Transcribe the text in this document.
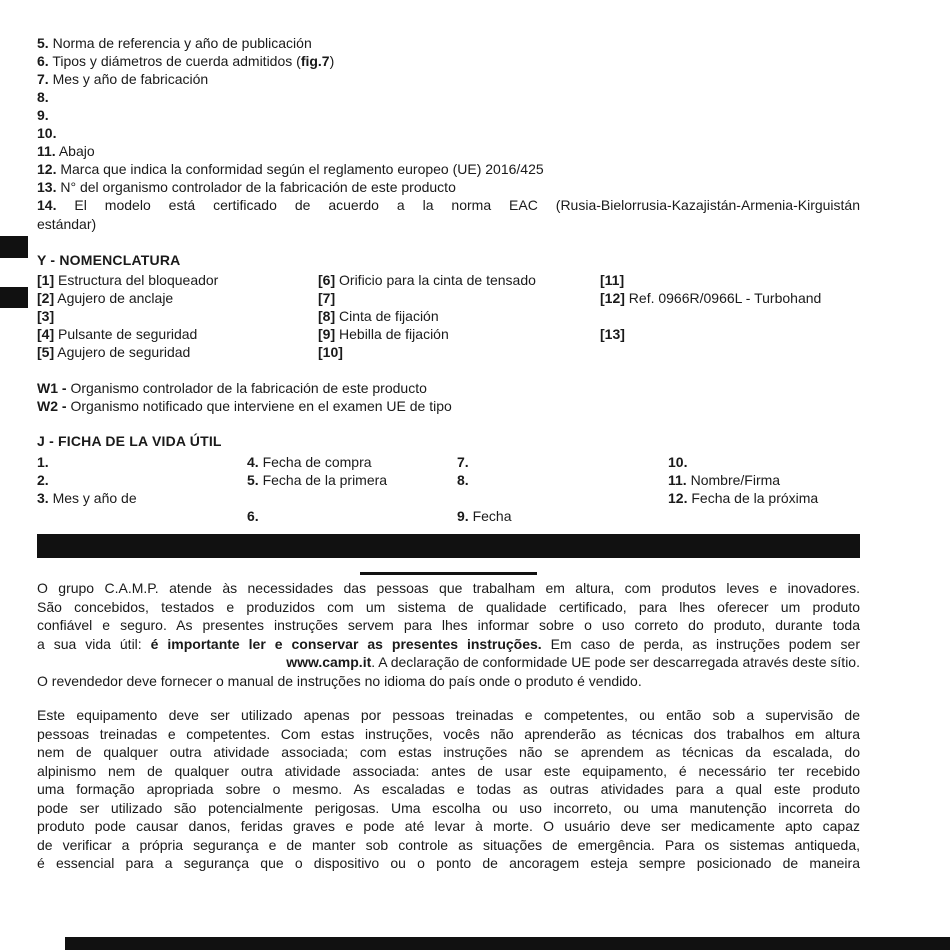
5. Norma de referencia y año de publicación
6. Tipos y diámetros de cuerda admitidos (fig.7)
7. Mes y año de fabricación
8.
9.
10.
11. Abajo
12. Marca que indica la conformidad según el reglamento europeo (UE) 2016/425
13. N° del organismo controlador de la fabricación de este producto
14. El modelo está certificado de acuerdo a la norma EAC (Rusia-Bielorrusia-Kazajistán-Armenia-Kirguistán
estándar)
Y - NOMENCLATURA
[1] Estructura del bloqueador
[2] Agujero de anclaje
[3]
[4] Pulsante de seguridad
[5] Agujero de seguridad
[6] Orificio para la cinta de tensado
[7]
[8] Cinta de fijación
[9] Hebilla de fijación
[10]
[11]
[12] Ref. 0966R/0966L - Turbohand
[13]
W1 - Organismo controlador de la fabricación de este producto
W2 - Organismo notificado que interviene en el examen UE de tipo
J - FICHA DE LA VIDA ÚTIL
1.
2.
3. Mes y año de
4. Fecha de compra
5. Fecha de la primera
6.
7.
8.
9. Fecha
10.
11. Nombre/Firma
12. Fecha de la próxima
O grupo C.A.M.P. atende às necessidades das pessoas que trabalham em altura, com produtos leves e inovadores.
São concebidos, testados e produzidos com um sistema de qualidade certificado, para lhes oferecer um produto
confiável e seguro. As presentes instruções servem para lhes informar sobre o uso correto do produto, durante toda
a sua vida útil: é importante ler e conservar as presentes instruções. Em caso de perda, as instruções podem ser
www.camp.it. A declaração de conformidade UE pode ser descarregada através deste sítio.
O revendedor deve fornecer o manual de instruções no idioma do país onde o produto é vendido.
Este equipamento deve ser utilizado apenas por pessoas treinadas e competentes, ou então sob a supervisão de
pessoas treinadas e competentes. Com estas instruções, vocês não aprenderão as técnicas dos trabalhos em altura
nem de qualquer outra atividade associada; com estas instruções não se aprendem as técnicas da escalada, do
alpinismo nem de qualquer outra atividade associada: antes de usar este equipamento, é necessário ter recebido
uma formação apropriada sobre o mesmo. As escaladas e todas as outras atividades para a qual este produto
pode ser utilizado são potencialmente perigosas. Uma escolha ou uso incorreto, ou uma manutenção incorreta do
produto pode causar danos, feridas graves e pode até levar à morte. O usuário deve ser medicamente apto capaz
de verificar a própria segurança e de manter sob controle as situações de emergência. Para os sistemas antiqueda,
é essencial para a segurança que o dispositivo ou o ponto de ancoragem esteja sempre posicionado de maneira
